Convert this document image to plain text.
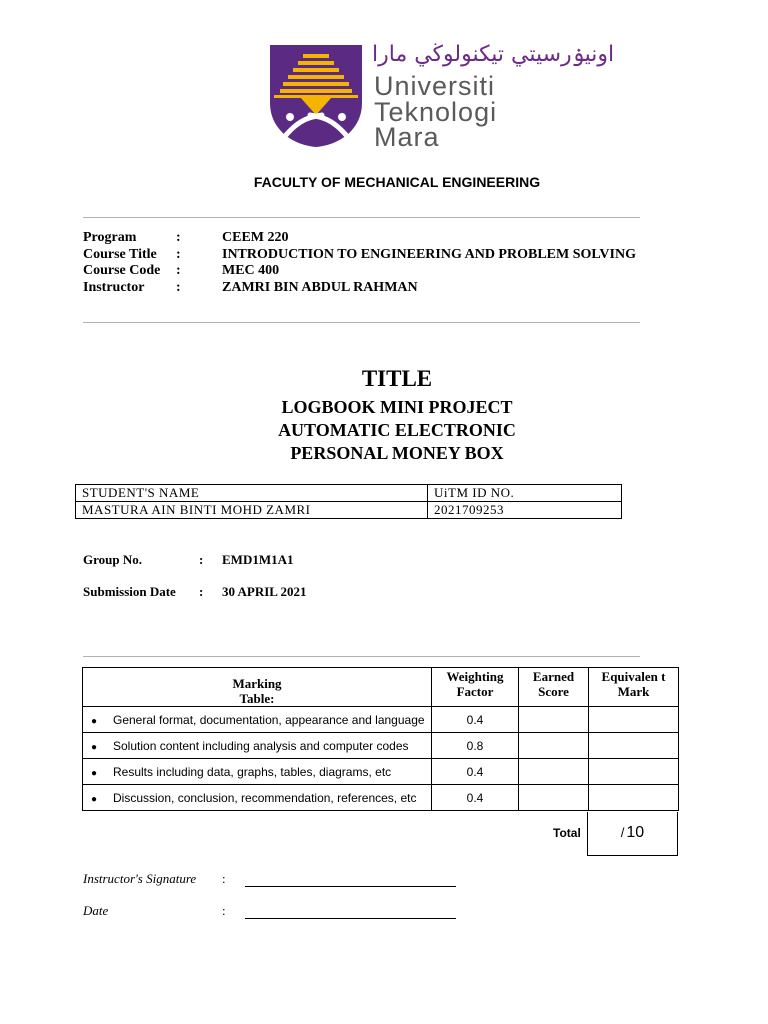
اونيۏرسيتي تيكنولوڬي مارا
Universiti
Teknologi
Mara
FACULTY OF MECHANICAL ENGINEERING
Program	:	CEEM 220
Course Title :	INTRODUCTION TO ENGINEERING AND PROBLEM SOLVING
Course Code :	MEC 400
Instructor :	ZAMRI BIN ABDUL RAHMAN
TITLE
LOGBOOK MINI PROJECT
AUTOMATIC ELECTRONIC
PERSONAL MONEY BOX
STUDENT'S NAME	UiTM ID NO.
MASTURA AIN BINTI MOHD ZAMRI	2021709253
Group No.	: EMD1M1A1
Submission Date : 30 APRIL 2021
Marking Table:	Weighting Factor	Earned Score	Equivalen t Mark
● General format, documentation, appearance and language	0.4		
● Solution content including analysis and computer codes	0.8		
● Results including data, graphs, tables, diagrams, etc	0.4		
● Discussion, conclusion, recommendation, references, etc	0.4		
Total	/ 10
Instructor's Signature :
Date	:
